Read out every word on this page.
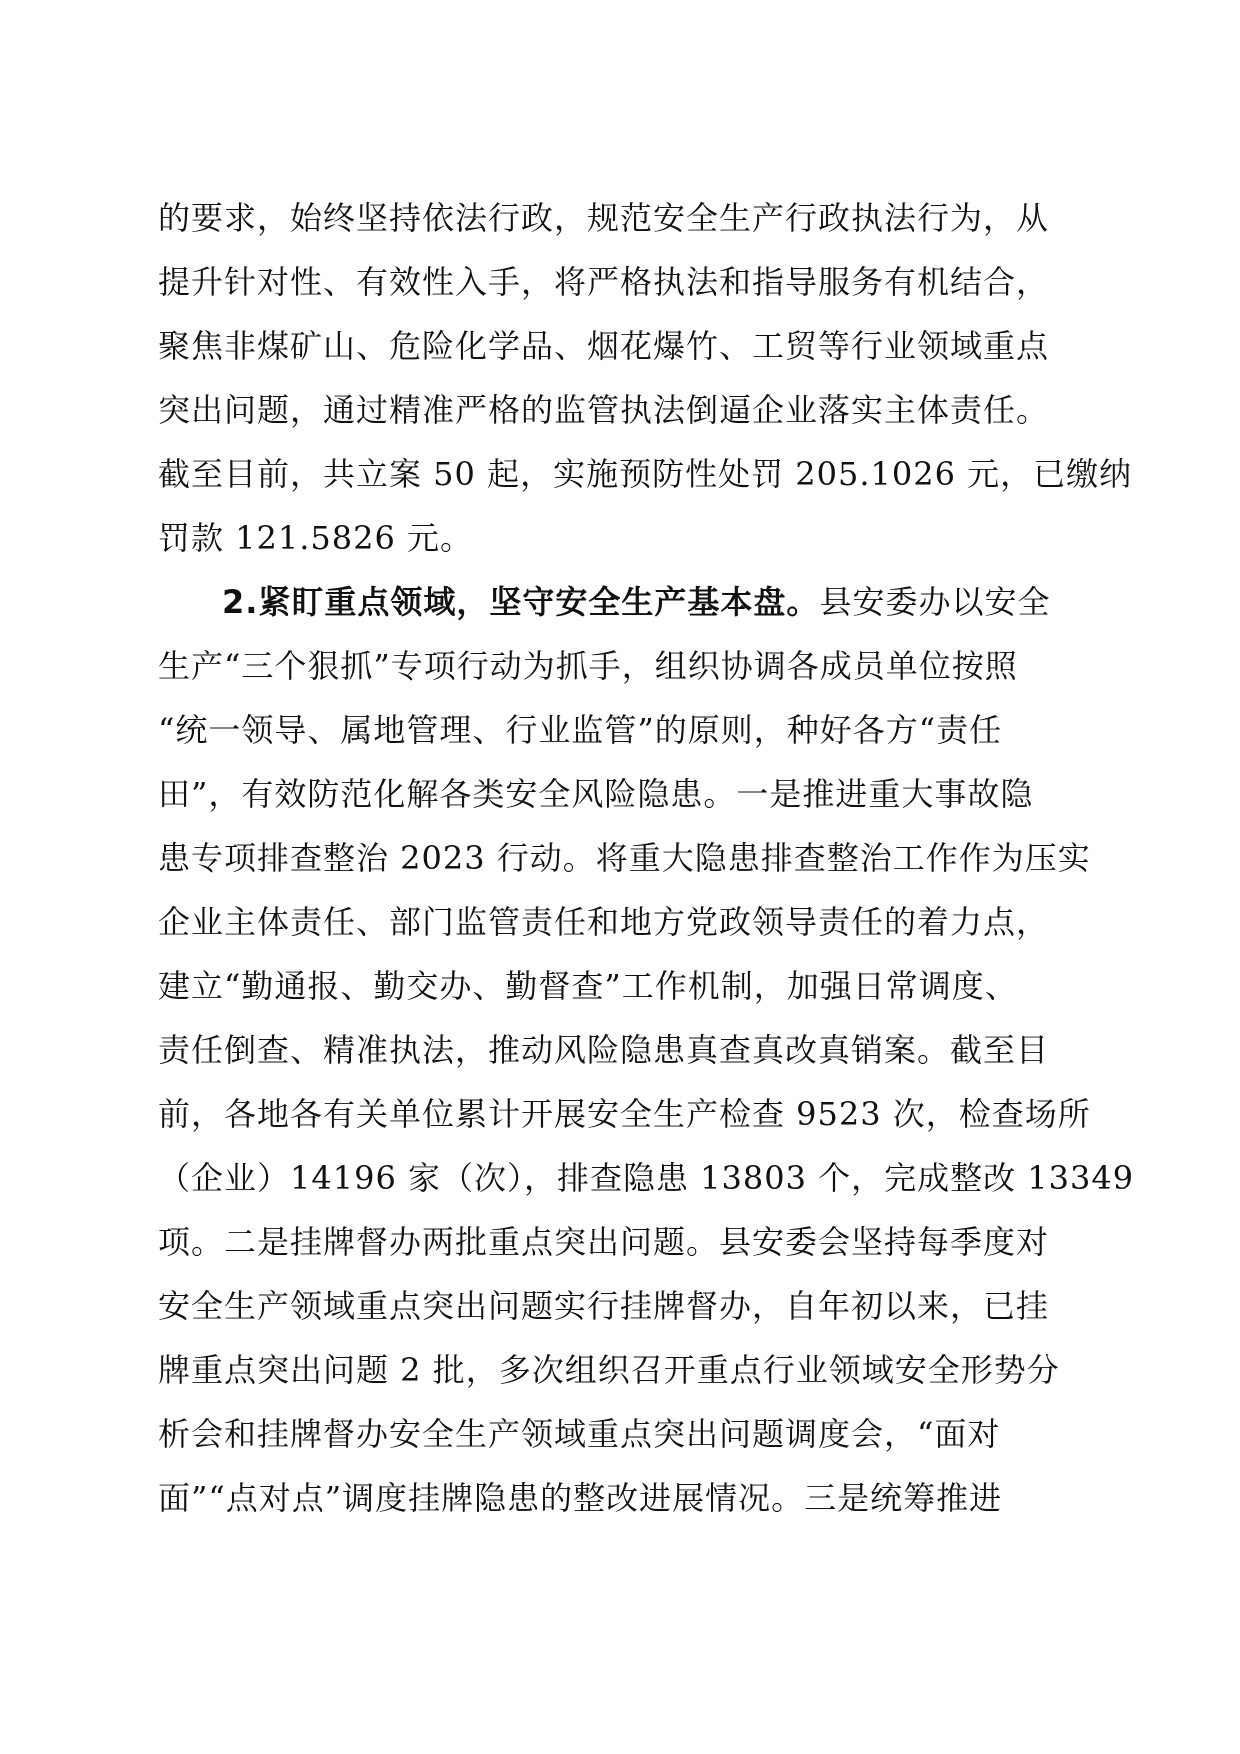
的要求，始终坚持依法行政，规范安全生产行政执法行为，从
提升针对性、有效性入手，将严格执法和指导服务有机结合，
聚焦非煤矿山、危险化学品、烟花爆竹、工贸等行业领域重点
突出问题，通过精准严格的监管执法倒逼企业落实主体责任。
截至目前，共立案 50 起，实施预防性处罚 205.1026 元，已缴纳
罚款 121.5826 元。
2.紧盯重点领域，坚守安全生产基本盘。县安委办以安全
生产“三个狠抓”专项行动为抓手，组织协调各成员单位按照
“统一领导、属地管理、行业监管”的原则，种好各方“责任
田”，有效防范化解各类安全风险隐患。一是推进重大事故隐
患专项排查整治 2023 行动。将重大隐患排查整治工作作为压实
企业主体责任、部门监管责任和地方党政领导责任的着力点，
建立“勤通报、勤交办、勤督查”工作机制，加强日常调度、
责任倒查、精准执法，推动风险隐患真查真改真销案。截至目
前，各地各有关单位累计开展安全生产检查 9523 次，检查场所
（企业）14196 家（次），排查隐患 13803 个，完成整改 13349
项。二是挂牌督办两批重点突出问题。县安委会坚持每季度对
安全生产领域重点突出问题实行挂牌督办，自年初以来，已挂
牌重点突出问题 2 批，多次组织召开重点行业领域安全形势分
析会和挂牌督办安全生产领域重点突出问题调度会，“面对
面”“点对点”调度挂牌隐患的整改进展情况。三是统筹推进
